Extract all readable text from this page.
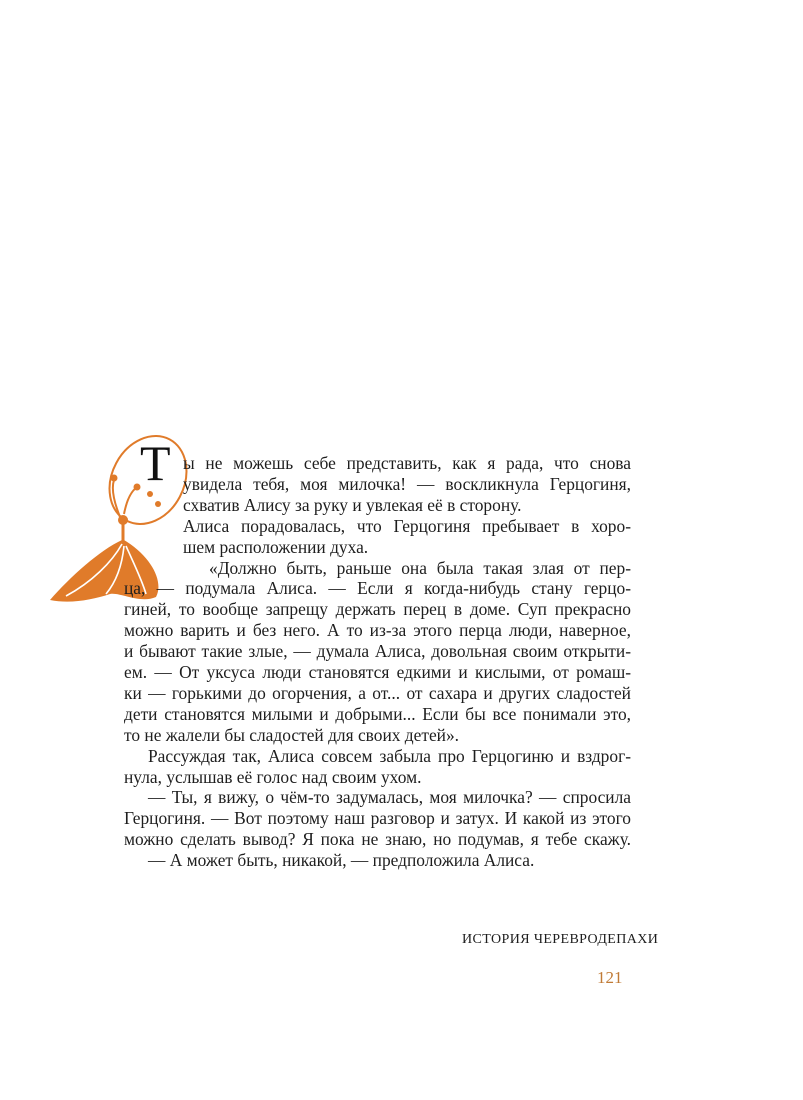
Т ы не можешь себе представить, как я рада, что снова
увидела тебя, моя милочка! — воскликнула Герцогиня,
схватив Алису за руку и увлекая её в сторону.
Алиса порадовалась, что Герцогиня пребывает в хоро-
шем расположении духа.
«Должно быть, раньше она была такая злая от пер-
ца, — подумала Алиса. — Если я когда-нибудь стану герцо-
гиней, то вообще запрещу держать перец в доме. Суп прекрасно
можно варить и без него. А то из-за этого перца люди, наверное,
и бывают такие злые, — думала Алиса, довольная своим открыти-
ем. — От уксуса люди становятся едкими и кислыми, от ромаш-
ки — горькими до огорчения, а от... от сахара и других сладостей
дети становятся милыми и добрыми... Если бы все понимали это,
то не жалели бы сладостей для своих детей».
Рассуждая так, Алиса совсем забыла про Герцогиню и вздрог-
нула, услышав её голос над своим ухом.
— Ты, я вижу, о чём-то задумалась, моя милочка? — спросила
Герцогиня. — Вот поэтому наш разговор и затух. И какой из этого
можно сделать вывод? Я пока не знаю, но подумав, я тебе скажу.
— А может быть, никакой, — предположила Алиса.
ИСТОРИЯ ЧЕРЕВРОДЕПАХИ
121
